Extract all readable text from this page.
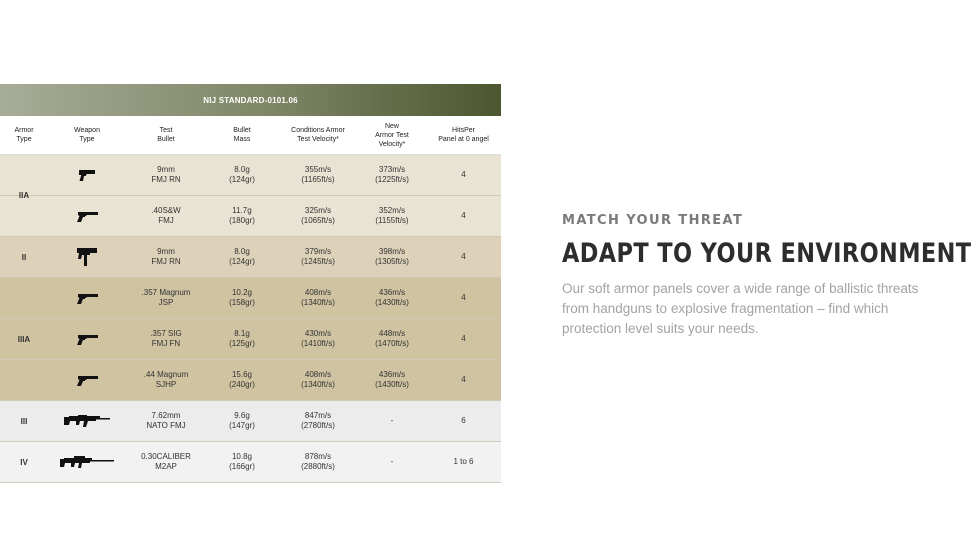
NIJ STANDARD-0101.06
Armor
Type
Weapon
Type
Test
Bullet
Bullet
Mass
Conditions Armor
Test Velocity*
New
Armor Test
Velocity*
HitsPer
Panel at 0 angel
9mm
FMJ RN
8.0g
(124gr)
355m/s
(1165ft/s)
373m/s
(1225ft/s)
4
.40S&W
FMJ
11.7g
(180gr)
325m/s
(1065ft/s)
352m/s
(1155ft/s)
4
9mm
FMJ RN
8.0g
(124gr)
379m/s
(1245ft/s)
398m/s
(1305ft/s)
4
.357 Magnum
JSP
10.2g
(158gr)
408m/s
(1340ft/s)
436m/s
(1430ft/s)
4
.357 SIG
FMJ FN
8.1g
(125gr)
430m/s
(1410ft/s)
448m/s
(1470ft/s)
4
.44 Magnum
SJHP
15.6g
(240gr)
408m/s
(1340ft/s)
436m/s
(1430ft/s)
4
7.62mm
NATO FMJ
9.6g
(147gr)
847m/s
(2780ft/s)
-	6
0.30CALIBER
M2AP
10.8g
(166gr)
878m/s
(2880ft/s)
-	1 to 6
IIA
II
IIIA
III
IV
MATCH YOUR THREAT
ADAPT TO YOUR ENVIRONMENT
Our soft armor panels cover a wide range of ballistic threats from handguns to explosive fragmentation – find which protection level suits your needs.
